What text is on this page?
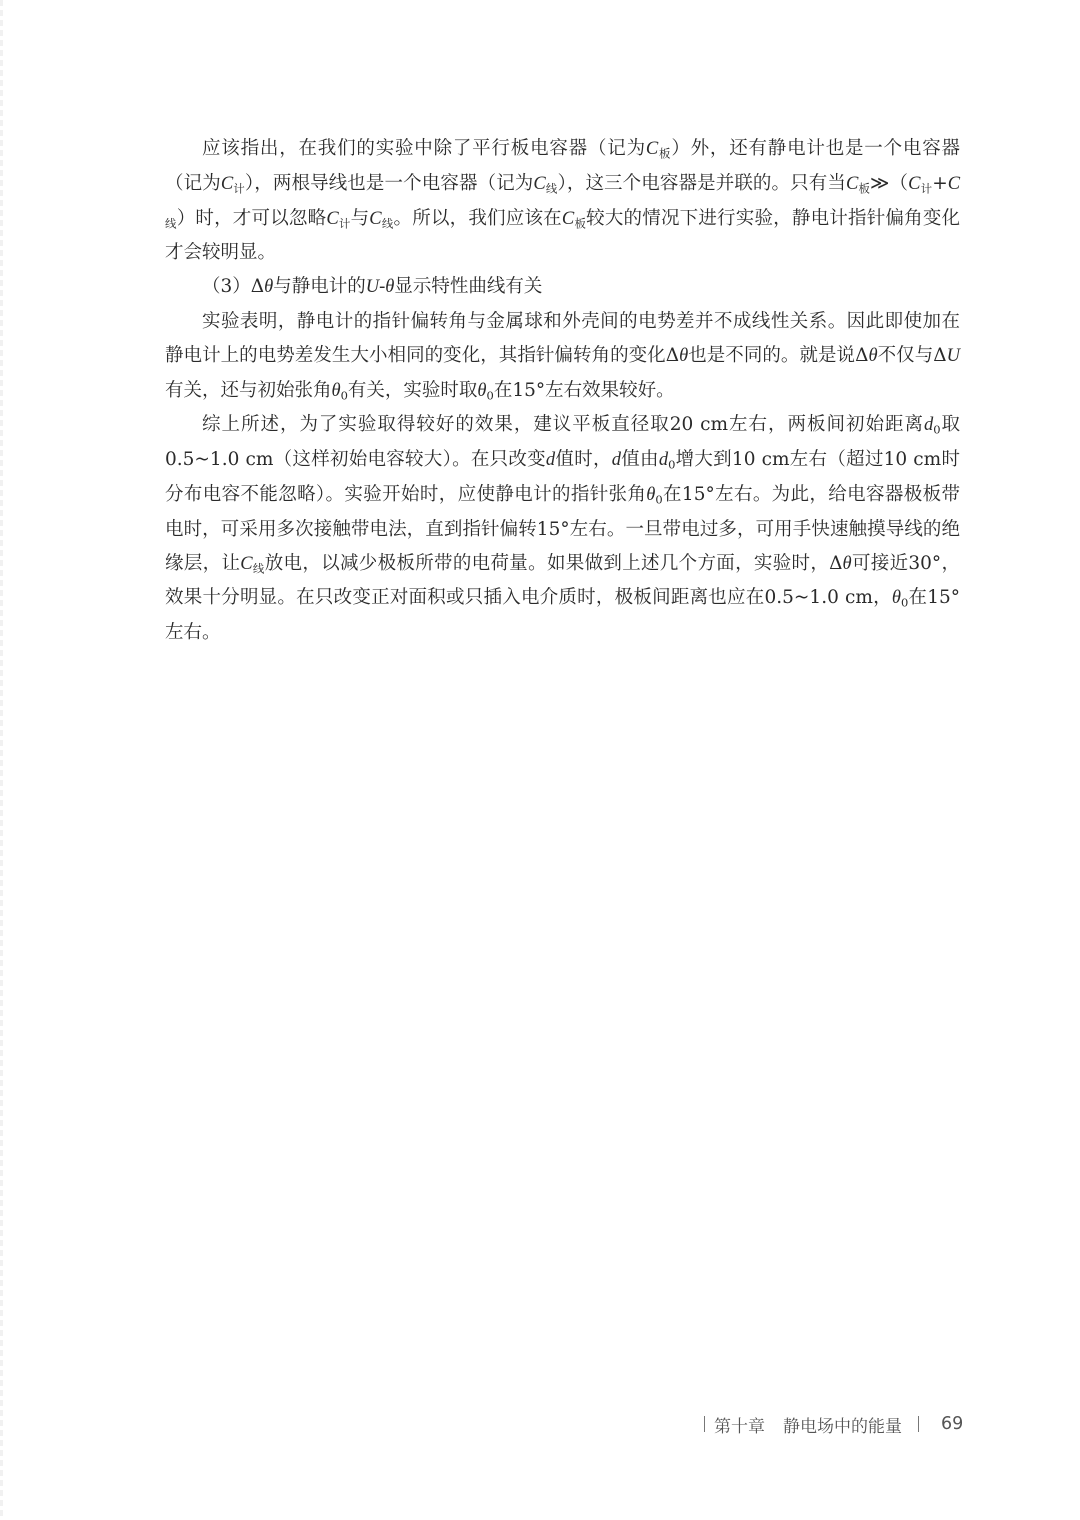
应该指出，在我们的实验中除了平行板电容器（记为$C_板$）外，还有静电计也是一个电容器（记为$C_计$），两根导线也是一个电容器（记为$C_线$），这三个电容器是并联的。只有当$C_板≫(C_计+C_线)$时，才可以忽略$C_计$与$C_线$。所以，我们应该在$C_板$较大的情况下进行实验，静电计指针偏角变化才会较明显。

（3）Δθ与静电计的U-θ显示特性曲线有关

实验表明，静电计的指针偏转角与金属球和外壳间的电势差并不成线性关系。因此即使加在静电计上的电势差发生大小相同的变化，其指针偏转角的变化Δθ也是不同的。就是说Δθ不仅与ΔU有关，还与初始张角$\theta_0$有关，实验时取$\theta_0$在15°左右效果较好。

综上所述，为了实验取得较好的效果，建议平板直径取20 cm左右，两板间初始距离$d_0$取0.5~1.0 cm（这样初始电容较大）。在只改变d值时，d值由$d_0$增大到10 cm左右（超过10 cm时分布电容不能忽略）。实验开始时，应使静电计的指针张角$\theta_0$在15°左右。为此，给电容器极板带电时，可采用多次接触带电法，直到指针偏转15°左右。一旦带电过多，可用手快速触摸导线的绝缘层，让$C_线$放电，以减少极板所带的电荷量。如果做到上述几个方面，实验时，Δθ可接近30°，效果十分明显。在只改变正对面积或只插入电介质时，极板间距离也应在0.5~1.0 cm，$\theta_0$在15°左右。

第十章 静电场中的能量 69
